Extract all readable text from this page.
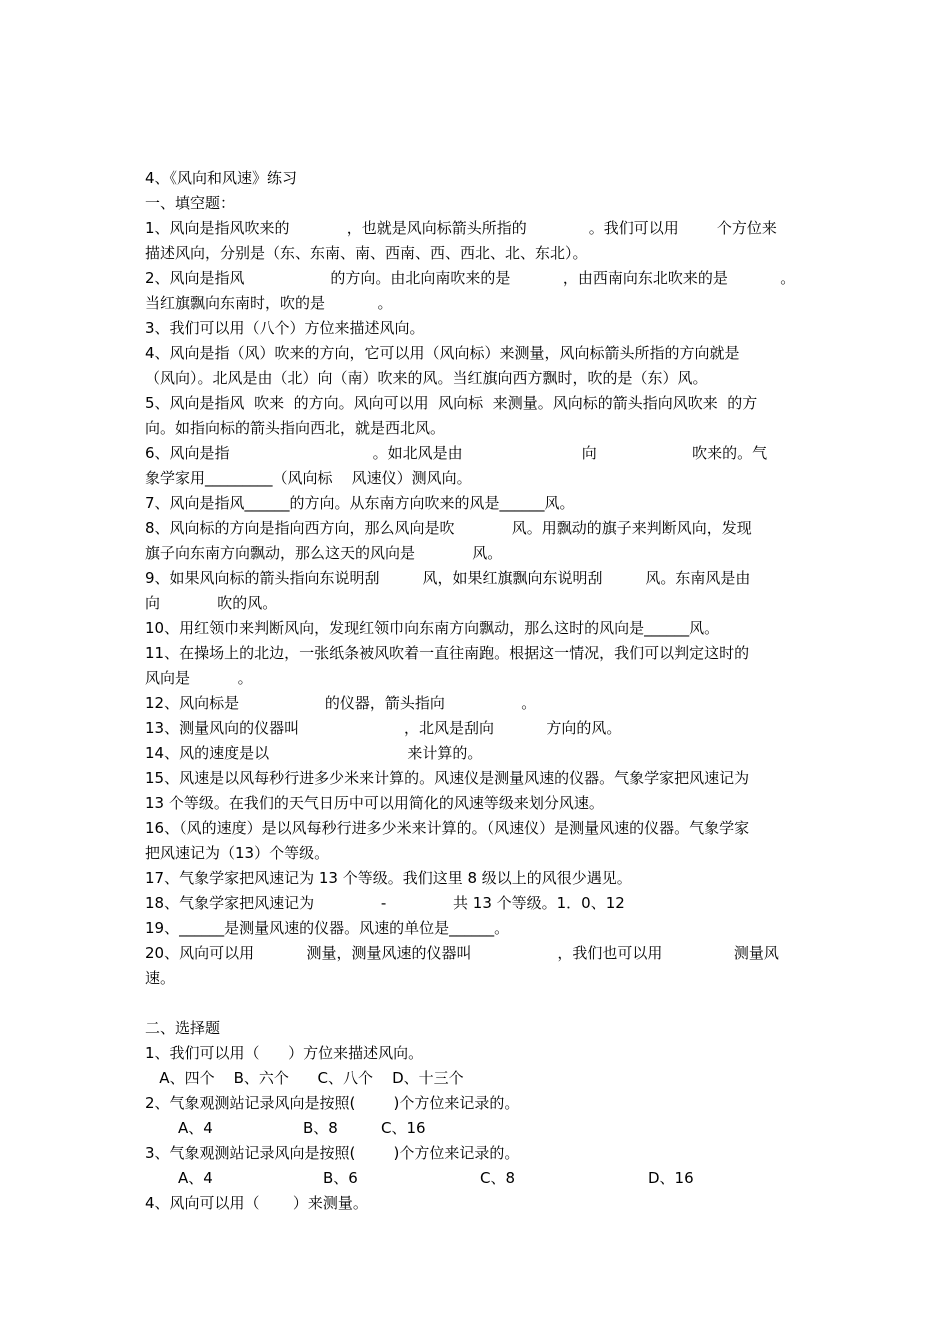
4、《风向和风速》练习
一、填空题：
1、风向是指风吹来的            ，也就是风向标箭头所指的             。我们可以用        个方位来
描述风向，分别是（东、东南、南、西南、西、西北、北、东北）。
2、风向是指风                  的方向。由北向南吹来的是           ，由西南向东北吹来的是           。
当红旗飘向东南时，吹的是           。
3、我们可以用（八个）方位来描述风向。
4、风向是指（风）吹来的方向，它可以用（风向标）来测量，风向标箭头所指的方向就是
（风向）。北风是由（北）向（南）吹来的风。当红旗向西方飘时，吹的是（东）风。
5、风向是指风  吹来  的方向。风向可以用  风向标  来测量。风向标的箭头指向风吹来  的方
向。如指向标的箭头指向西北，就是西北风。
6、风向是指                              。如北风是由                         向                    吹来的。气
象学家用_________（风向标    风速仪）测风向。
7、风向是指风______的方向。从东南方向吹来的风是______风。
8、风向标的方向是指向西方向，那么风向是吹            风。用飘动的旗子来判断风向，发现
旗子向东南方向飘动，那么这天的风向是            风。
9、如果风向标的箭头指向东说明刮         风，如果红旗飘向东说明刮         风。东南风是由
向            吹的风。
10、用红领巾来判断风向，发现红领巾向东南方向飘动，那么这时的风向是______风。
11、在操场上的北边，一张纸条被风吹着一直往南跑。根据这一情况，我们可以判定这时的
风向是          。
12、风向标是                  的仪器，箭头指向                。
13、测量风向的仪器叫                      ，北风是刮向           方向的风。
14、风的速度是以                             来计算的。
15、风速是以风每秒行进多少米来计算的。风速仪是测量风速的仪器。气象学家把风速记为
13 个等级。在我们的天气日历中可以用简化的风速等级来划分风速。
16、（风的速度）是以风每秒行进多少米来计算的。（风速仪）是测量风速的仪器。气象学家
把风速记为（13）个等级。
17、气象学家把风速记为 13 个等级。我们这里 8 级以上的风很少遇见。
18、气象学家把风速记为              -              共 13 个等级。1．0、12
19、______是测量风速的仪器。风速的单位是______。
20、风向可以用           测量，测量风速的仪器叫                  ，我们也可以用               测量风
速。
二、选择题
1、我们可以用（      ）方位来描述风向。
A、四个    B、六个      C、八个    D、十三个
2、气象观测站记录风向是按照(        )个方位来记录的。
A、4	B、8	C、16
3、气象观测站记录风向是按照(        )个方位来记录的。
A、4	B、6	C、8	D、16
4、风向可以用（       ）来测量。
